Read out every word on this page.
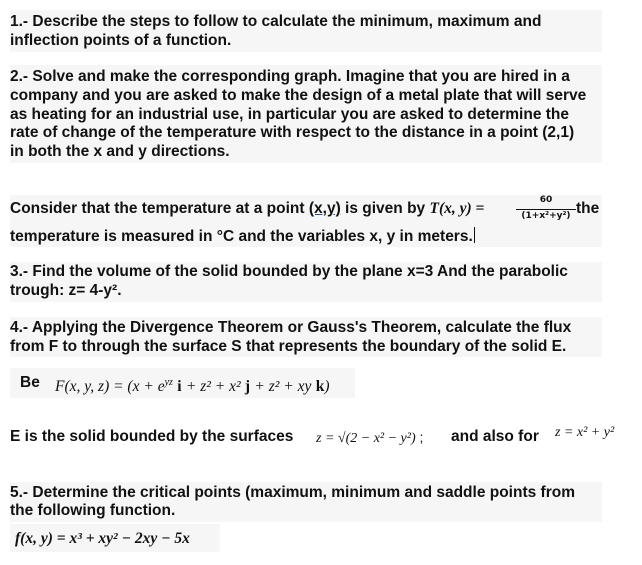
1.- Describe the steps to follow to calculate the minimum, maximum and
inflection points of a function.
2.- Solve and make the corresponding graph. Imagine that you are hired in a
company and you are asked to make the design of a metal plate that will serve
as heating for an industrial use, in particular you are asked to determine the
rate of change of the temperature with respect to the distance in a point (2,1)
in both the x and y directions.
Consider that the temperature at a point (x,y) is given by T(x, y) =	60
(1+x²+y²) the
temperature is measured in °C and the variables x, y in meters.
3.- Find the volume of the solid bounded by the plane x=3 And the parabolic
trough: z= 4-y².
4.- Applying the Divergence Theorem or Gauss's Theorem, calculate the flux
from F to through the surface S that represents the boundary of the solid E.
Be F(x, y, $z) = (x + e^{yz}$ i + z² + x² j + z² + xy k)
E is the solid bounded by the surfaces z = √(2 − x² − y²) ; and also for z = x² + y²
5.- Determine the critical points (maximum, minimum and saddle points from
the following function.
f(x, y) = x³ + xy² − 2xy − 5x
